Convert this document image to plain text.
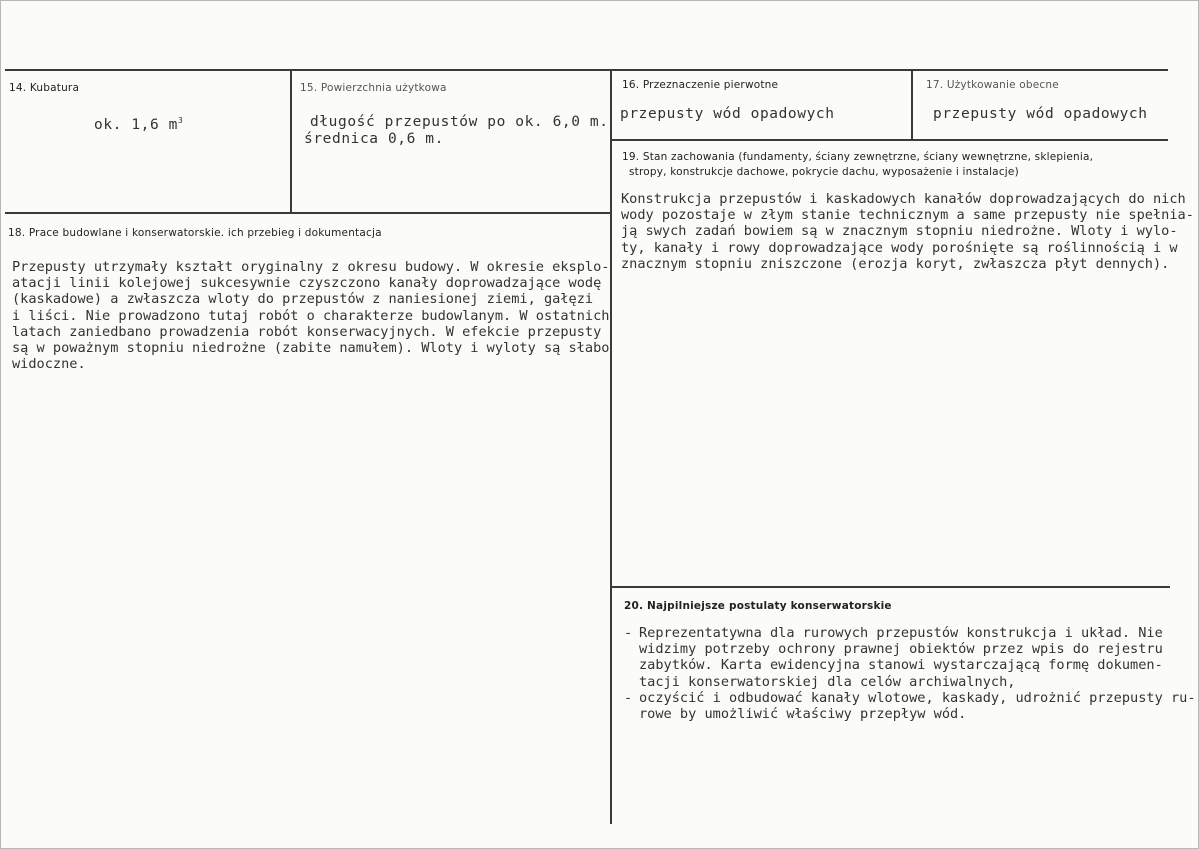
14. Kubatura
ok. 1,6 $m^3$
15. Powierzchnia użytkowa
długość przepustów po ok. 6,0 m.
średnica 0,6 m.
16. Przeznaczenie pierwotne
przepusty wód opadowych
17. Użytkowanie obecne
przepusty wód opadowych
19. Stan zachowania (fundamenty, ściany zewnętrzne, ściany wewnętrzne, sklepienia,
stropy, konstrukcje dachowe, pokrycie dachu, wyposażenie i instalacje)
Konstrukcja przepustów i kaskadowych kanałów doprowadzających do nich
wody pozostaje w złym stanie technicznym a same przepusty nie spełnia-
ją swych zadań bowiem są w znacznym stopniu niedrożne. Wloty i wylo-
ty, kanały i rowy doprowadzające wody porośnięte są roślinnością i w
znacznym stopniu zniszczone (erozja koryt, zwłaszcza płyt dennych).
18. Prace budowlane i konserwatorskie. ich przebieg i dokumentacja
Przepusty utrzymały kształt oryginalny z okresu budowy. W okresie eksplo-
atacji linii kolejowej sukcesywnie czyszczono kanały doprowadzające wodę
(kaskadowe) a zwłaszcza wloty do przepustów z naniesionej ziemi, gałęzi
i liści. Nie prowadzono tutaj robót o charakterze budowlanym. W ostatnich
latach zaniedbano prowadzenia robót konserwacyjnych. W efekcie przepusty
są w poważnym stopniu niedrożne (zabite namułem). Wloty i wyloty są słabo
widoczne.
20. Najpilniejsze postulaty konserwatorskie
- Reprezentatywna dla rurowych przepustów konstrukcja i układ. Nie
widzimy potrzeby ochrony prawnej obiektów przez wpis do rejestru
zabytków. Karta ewidencyjna stanowi wystarczającą formę dokumen-
tacji konserwatorskiej dla celów archiwalnych,
- oczyścić i odbudować kanały wlotowe, kaskady, udrożnić przepusty ru-
rowe by umożliwić właściwy przepływ wód.
